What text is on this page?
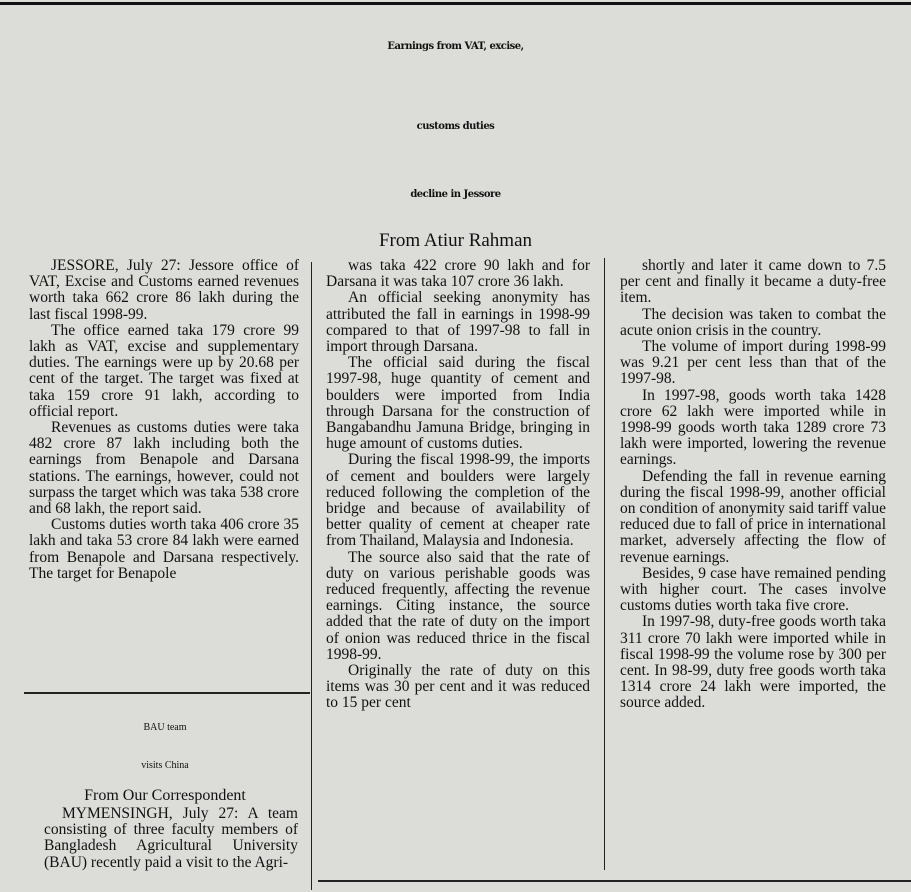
Earnings from VAT, excise,
customs duties
decline in Jessore
From Atiur Rahman

JESSORE, July 27: Jessore office of VAT, Excise and Customs earned revenues worth taka 662 crore 86 lakh during the last fiscal 1998-99.

The office earned taka 179 crore 99 lakh as VAT, excise and supplementary duties. The earnings were up by 20.68 per cent of the target. The target was fixed at taka 159 crore 91 lakh, according to official report.

Revenues as customs duties were taka 482 crore 87 lakh including both the earnings from Benapole and Darsana stations. The earnings, however, could not surpass the target which was taka 538 crore and 68 lakh, the report said.

Customs duties worth taka 406 crore 35 lakh and taka 53 crore 84 lakh were earned from Benapole and Darsana respectively. The target for Benapole

was taka 422 crore 90 lakh and for Darsana it was taka 107 crore 36 lakh.

An official seeking anonymity has attributed the fall in earnings in 1998-99 compared to that of 1997-98 to fall in import through Darsana.

The official said during the fiscal 1997-98, huge quantity of cement and boulders were imported from India through Darsana for the construction of Bangabandhu Jamuna Bridge, bringing in huge amount of customs duties.

During the fiscal 1998-99, the imports of cement and boulders were largely reduced following the completion of the bridge and because of availability of better quality of cement at cheaper rate from Thailand, Malaysia and Indonesia.

The source also said that the rate of duty on various perishable goods was reduced frequently, affecting the revenue earnings. Citing instance, the source added that the rate of duty on the import of onion was reduced thrice in the fiscal 1998-99.

Originally the rate of duty on this items was 30 per cent and it was reduced to 15 per cent

shortly and later it came down to 7.5 per cent and finally it became a duty-free item.

The decision was taken to combat the acute onion crisis in the country.

The volume of import during 1998-99 was 9.21 per cent less than that of the 1997-98.

In 1997-98, goods worth taka 1428 crore 62 lakh were imported while in 1998-99 goods worth taka 1289 crore 73 lakh were imported, lowering the revenue earnings.

Defending the fall in revenue earning during the fiscal 1998-99, another official on condition of anonymity said tariff value reduced due to fall of price in international market, adversely affecting the flow of revenue earnings.

Besides, 9 case have remained pending with higher court. The cases involve customs duties worth taka five crore.

In 1997-98, duty-free goods worth taka 311 crore 70 lakh were imported while in fiscal 1998-99 the volume rose by 300 per cent. In 98-99, duty free goods worth taka 1314 crore 24 lakh were imported, the source added.

BAU team
visits China
From Our Correspondent

MYMENSINGH, July 27: A team consisting of three faculty members of Bangladesh Agricultural University (BAU) recently paid a visit to the Agri-
